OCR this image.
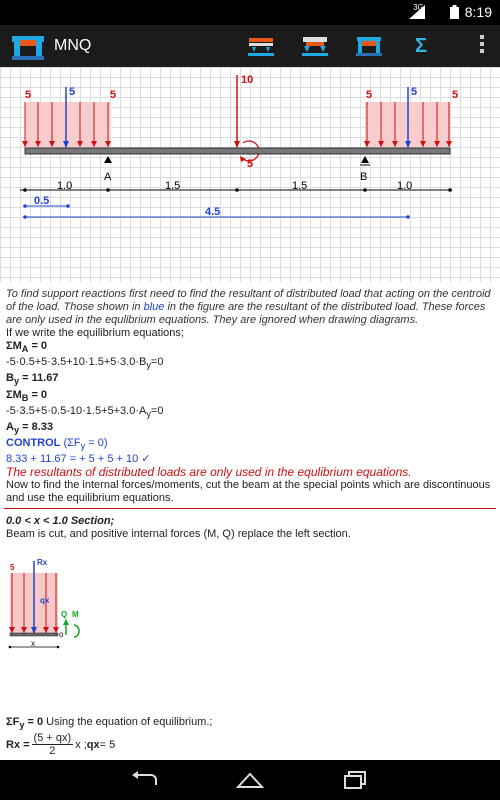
3G	8:19
MNQ	Σ
5	5	5	5	5	5
10
5
A	B
1.0	1.5	1.5	1.0
0.5
4.5
To find support reactions first need to find the resultant of distributed load that acting on the centroid of the load. Those shown in blue in the figure are the resultant of the distributed load. These forces are only used in the equlibrium equations. They are ignored when drawing diagrams.
If we write the equilibrium equations;
$\Sigma M_A = 0$
$-5\cdot 0.5+5\cdot 3.5+10\cdot 1.5+5\cdot 3.0\cdot B_y=0$
$B_y = 11.67$
$\Sigma M_B = 0$
$-5\cdot 3.5+5\cdot 0.5-10\cdot 1.5+5+3.0\cdot A_y=0$
$A_y = 8.33$
CONTROL $(\Sigma F_y = 0)$
8.33 + 11.67 = + 5 + 5 + 10 ✓
The resultants of distributed loads are only used in the equlibrium equations.
Now to find the internal forces/moments, cut the beam at the special points which are discontinuous and use the equilibrium equations.
0.0 < x < 1.0 Section;
Beam is cut, and positive internal forces (M, Q) replace the left section.
5
Rx
qx
Q M
o
x
$\Sigma F_y = 0$ Using the equation of equilibrium.;
$Rx = \frac{(5 + qx)}{2}$ x ; qx = 5
